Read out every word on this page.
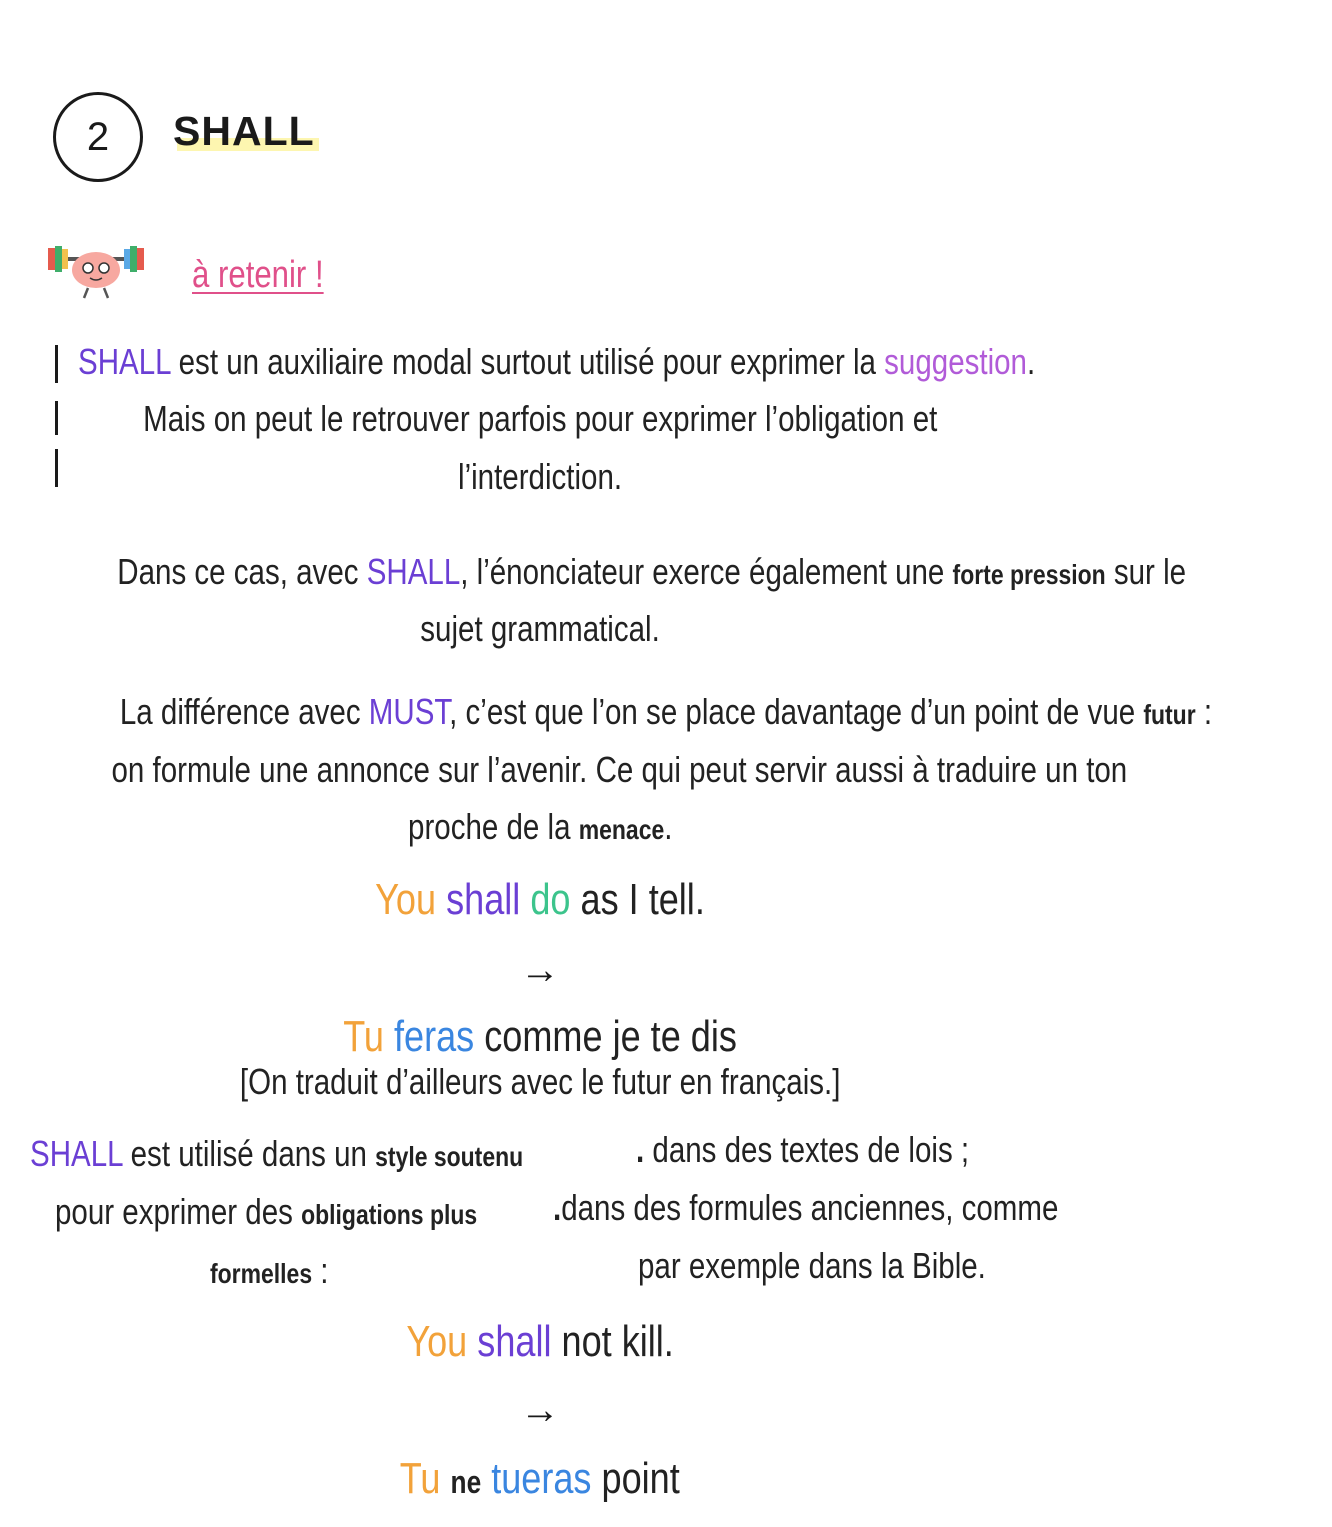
2 SHALL
à retenir !
SHALL est un auxiliaire modal surtout utilisé pour exprimer la suggestion.
Mais on peut le retrouver parfois pour exprimer l’obligation et
l’interdiction.
Dans ce cas, avec SHALL, l’énonciateur exerce également une forte pression sur le
sujet grammatical.
La différence avec MUST, c’est que l’on se place davantage d’un point de vue futur :
on formule une annonce sur l’avenir. Ce qui peut servir aussi à traduire un ton
proche de la menace.
You shall do as I tell.
→
Tu feras comme je te dis
[On traduit d’ailleurs avec le futur en français.]
SHALL est utilisé dans un style soutenu
pour exprimer des obligations plus
formelles :
. dans des textes de lois ;
.dans des formules anciennes, comme
par exemple dans la Bible.
You shall not kill.
→
Tu ne tueras point
